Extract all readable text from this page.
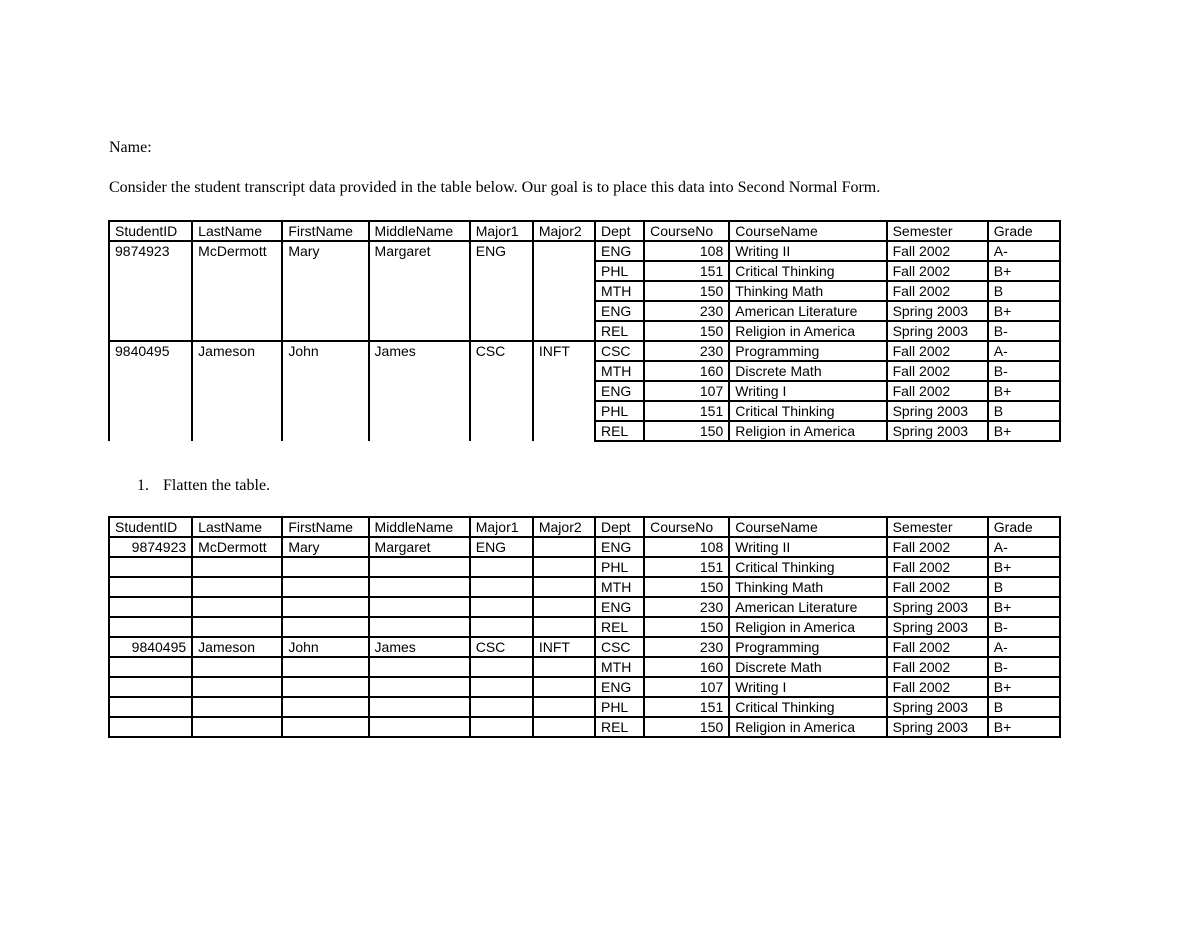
Name:
Consider the student transcript data provided in the table below. Our goal is to place this data into Second Normal Form.
StudentID	LastName	FirstName	MiddleName	Major1	Major2	Dept	CourseNo	CourseName	Semester	Grade
9874923	McDermott	Mary	Margaret	ENG		ENG	108	Writing II	Fall 2002	A-
						PHL	151	Critical Thinking	Fall 2002	B+
						MTH	150	Thinking Math	Fall 2002	B
						ENG	230	American Literature	Spring 2003	B+
						REL	150	Religion in America	Spring 2003	B-
9840495	Jameson	John	James	CSC	INFT	CSC	230	Programming	Fall 2002	A-
						MTH	160	Discrete Math	Fall 2002	B-
						ENG	107	Writing I	Fall 2002	B+
						PHL	151	Critical Thinking	Spring 2003	B
						REL	150	Religion in America	Spring 2003	B+
1. Flatten the table.
StudentID	LastName	FirstName	MiddleName	Major1	Major2	Dept	CourseNo	CourseName	Semester	Grade
9874923	McDermott	Mary	Margaret	ENG		ENG	108	Writing II	Fall 2002	A-
						PHL	151	Critical Thinking	Fall 2002	B+
						MTH	150	Thinking Math	Fall 2002	B
						ENG	230	American Literature	Spring 2003	B+
						REL	150	Religion in America	Spring 2003	B-
9840495	Jameson	John	James	CSC	INFT	CSC	230	Programming	Fall 2002	A-
						MTH	160	Discrete Math	Fall 2002	B-
						ENG	107	Writing I	Fall 2002	B+
						PHL	151	Critical Thinking	Spring 2003	B
						REL	150	Religion in America	Spring 2003	B+
